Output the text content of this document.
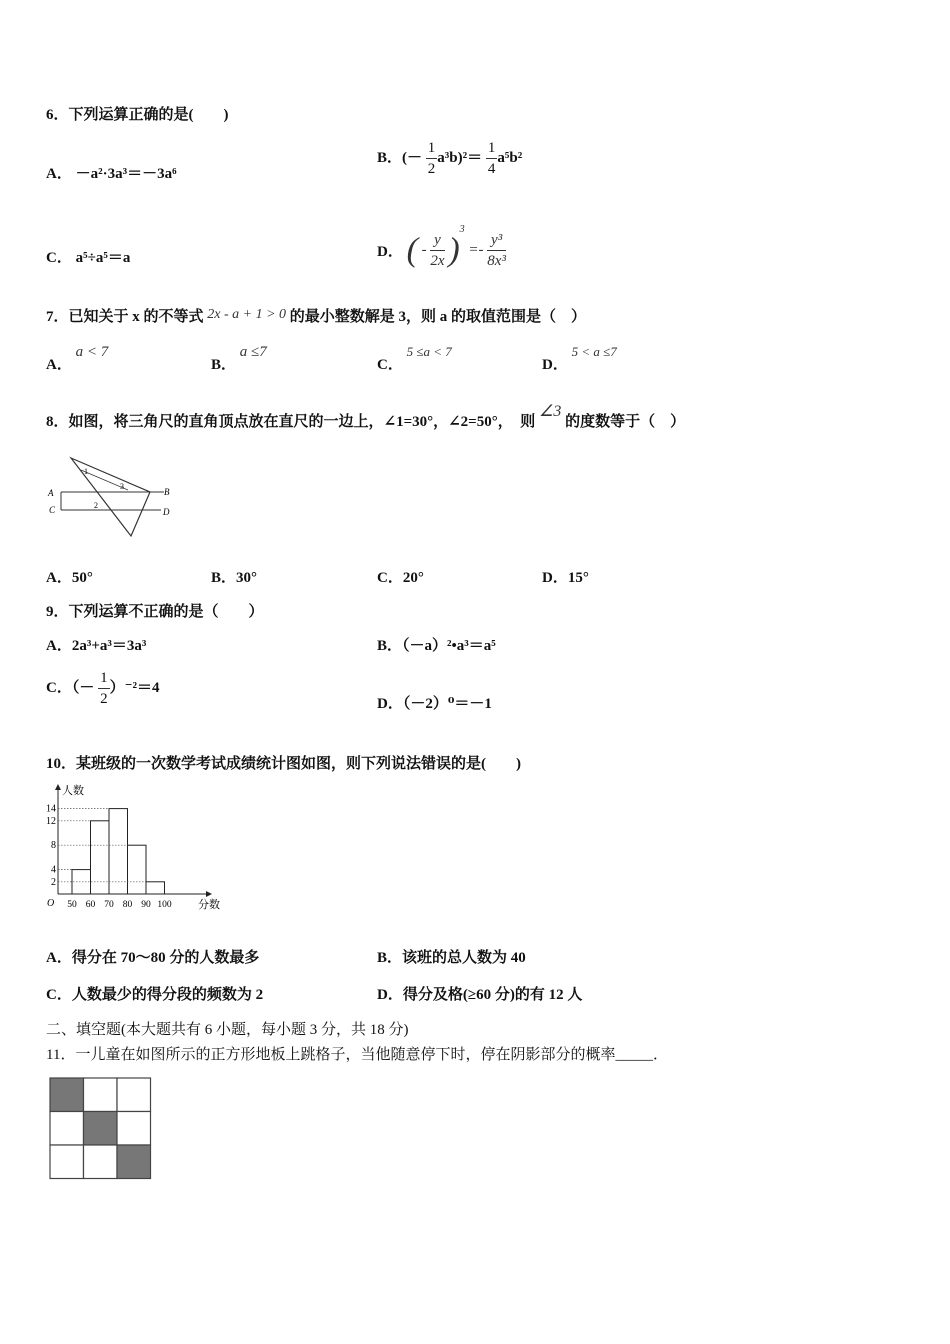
6．下列运算正确的是(　　)
A． －a²·3a³＝－3a⁶
B．(－ $\frac{1}{2} a^3b)^2= \frac{1}{4} a^5b^2$
C． a⁵÷a⁵＝a	D． ( - $\frac{y}{2x} )^3 =- \frac{\text{y³}}{\text{8x³}}$
7．已知关于 x 的不等式 2x - a + 1 > 0 的最小整数解是 3，则 a 的取值范围是（　）
A． a < 7
B． a ≤7
C． 5 ≤a < 7
D． 5 < a ≤7
8．如图，将三角尺的直角顶点放在直尺的一边上，∠1=30°，∠2=50°，　则 ∠3 的度数等于（　）
A
C
B
D
1
2
3
A．50°	B．30°	C．20°	D．15°
9．下列运算不正确的是（　　）
A．2a³+a³＝3a³	B．（－a）²•a³＝a⁵
C．（－ $\frac{1}{2} )^{-2}=4$
D．（－2）⁰＝－1
10．某班级的一次数学考试成绩统计图如图，则下列说法错误的是(　　)
2
4
8
12
14
50 60 70 80 90 100
O	分数
人数
A．得分在 70～80 分的人数最多	B．该班的总人数为 40
C．人数最少的得分段的频数为 2	D．得分及格(≥60 分)的有 12 人
二、填空题(本大题共有 6 小题，每小题 3 分，共 18 分)
11．一儿童在如图所示的正方形地板上跳格子，当他随意停下时，停在阴影部分的概率_____．
